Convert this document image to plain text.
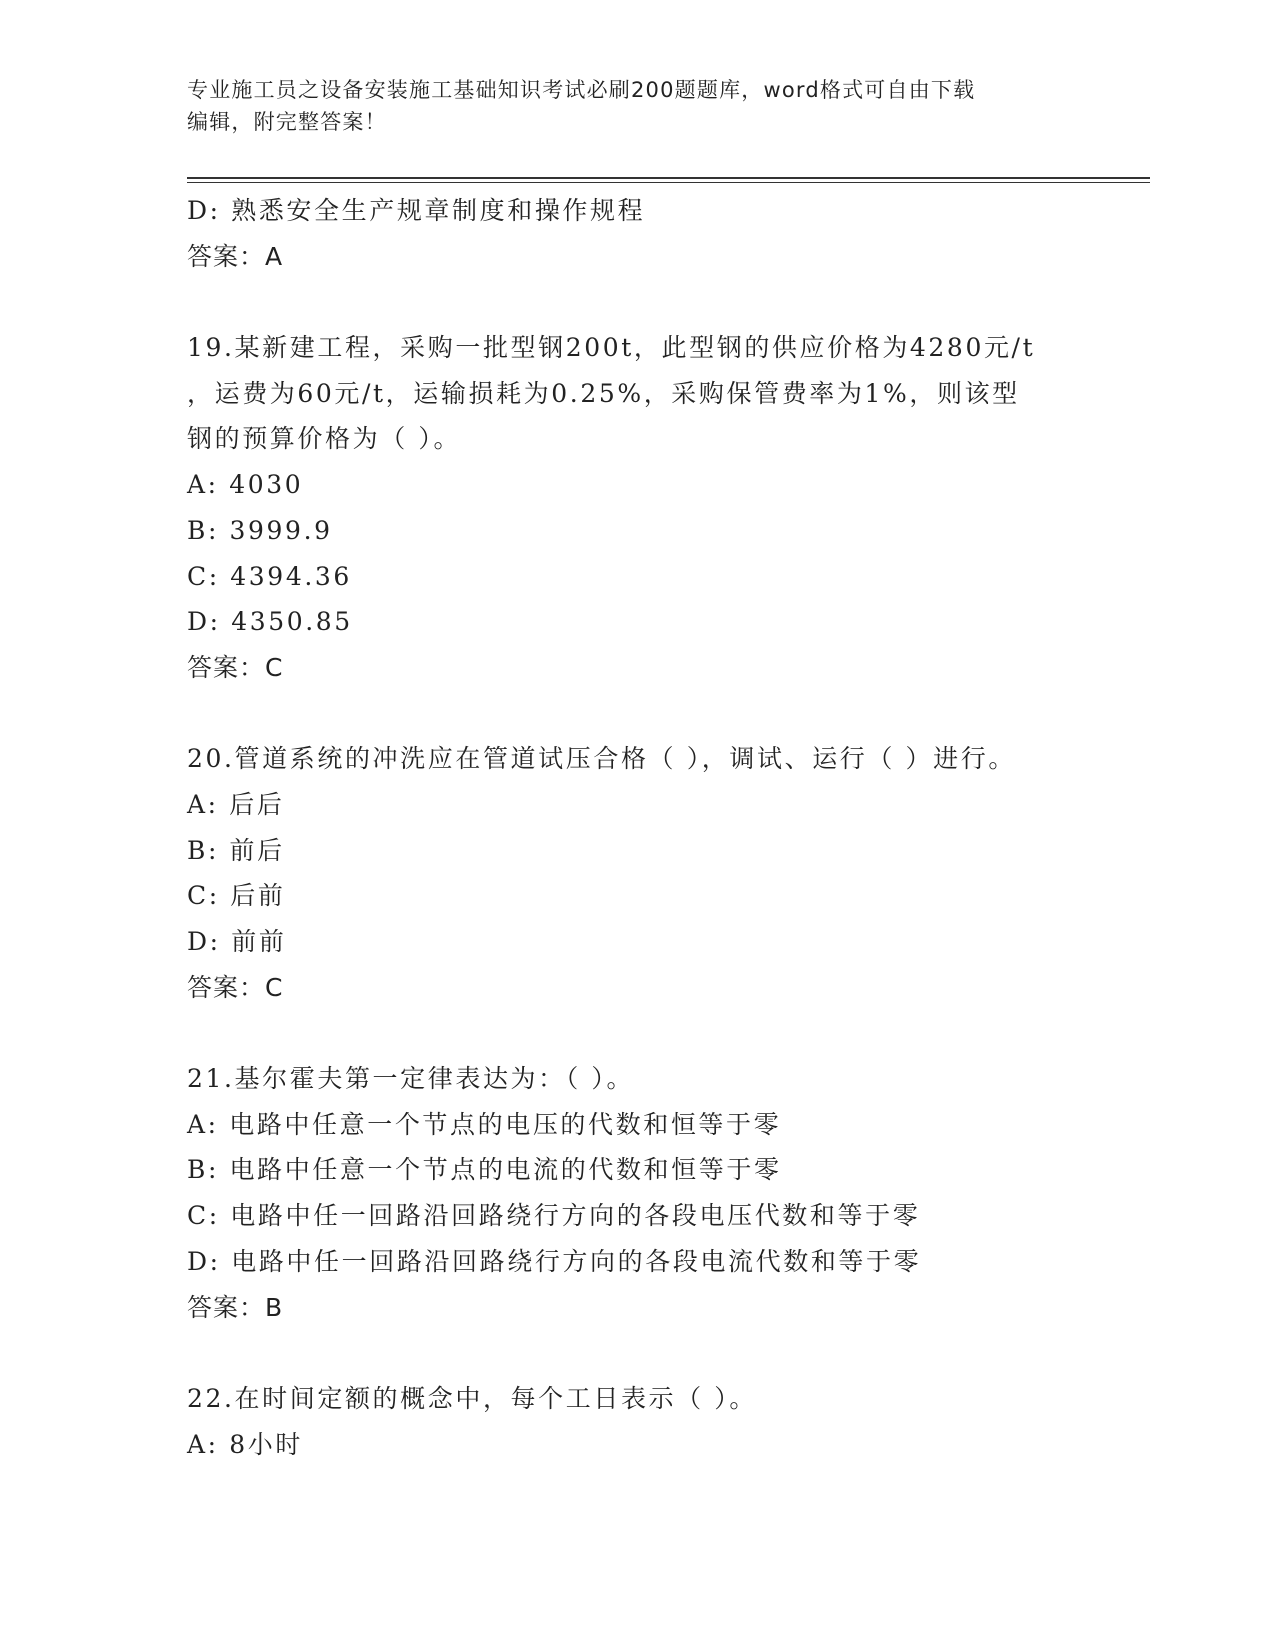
专业施工员之设备安装施工基础知识考试必刷200题题库，word格式可自由下载
编辑，附完整答案！
D: 熟悉安全生产规章制度和操作规程
答案：A
19.某新建工程，采购一批型钢200t，此型钢的供应价格为4280元/t
，运费为60元/t，运输损耗为0.25%，采购保管费率为1%，则该型
钢的预算价格为（ ）。
A: 4030
B: 3999.9
C: 4394.36
D: 4350.85
答案：C
20.管道系统的冲洗应在管道试压合格（ ），调试、运行（ ）进行。
A: 后后
B: 前后
C: 后前
D: 前前
答案：C
21.基尔霍夫第一定律表达为：（ ）。
A: 电路中任意一个节点的电压的代数和恒等于零
B: 电路中任意一个节点的电流的代数和恒等于零
C: 电路中任一回路沿回路绕行方向的各段电压代数和等于零
D: 电路中任一回路沿回路绕行方向的各段电流代数和等于零
答案：B
22.在时间定额的概念中，每个工日表示（ ）。
A: 8小时
